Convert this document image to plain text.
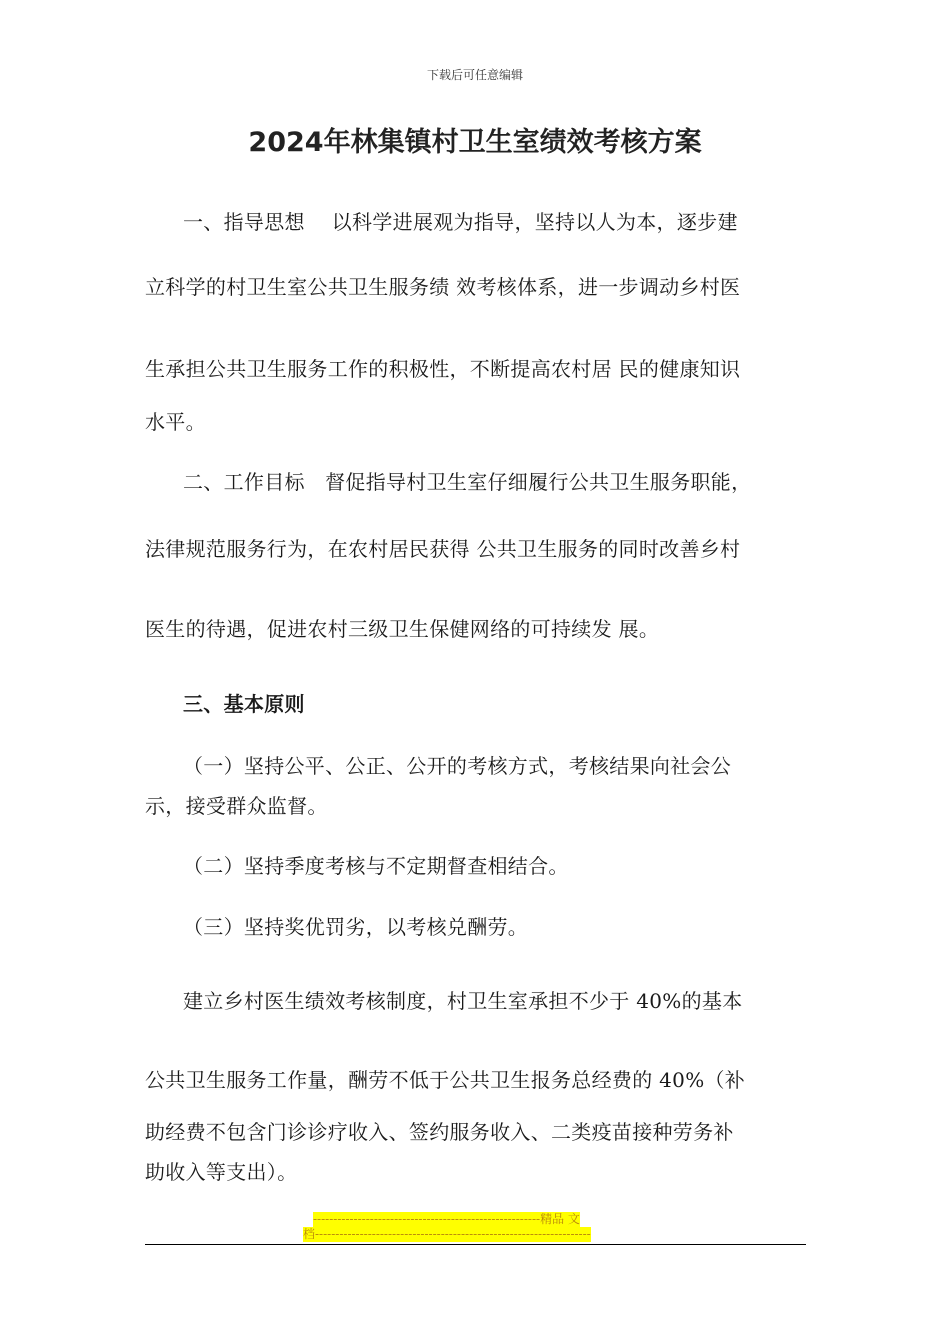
下载后可任意编辑
2024年林集镇村卫生室绩效考核方案
一、指导思想　 以科学进展观为指导，坚持以人为本，逐步建
立科学的村卫生室公共卫生服务绩 效考核体系，进一步调动乡村医
生承担公共卫生服务工作的积极性，不断提高农村居 民的健康知识
水平。
二、工作目标　督促指导村卫生室仔细履行公共卫生服务职能，
法律规范服务行为，在农村居民获得 公共卫生服务的同时改善乡村
医生的待遇，促进农村三级卫生保健网络的可持续发 展。
三、基本原则
（一）坚持公平、公正、公开的考核方式，考核结果向社会公
示，接受群众监督。
（二）坚持季度考核与不定期督查相结合。
（三）坚持奖优罚劣，以考核兑酬劳。
建立乡村医生绩效考核制度，村卫生室承担不少于 40%的基本
公共卫生服务工作量，酬劳不低于公共卫生报务总经费的 40%（补
助经费不包含门诊诊疗收入、签约服务收入、二类疫苗接种劳务补
助收入等支出）。
--------------------------------------------------------精品 文
档--------------------------------------------------------------------
